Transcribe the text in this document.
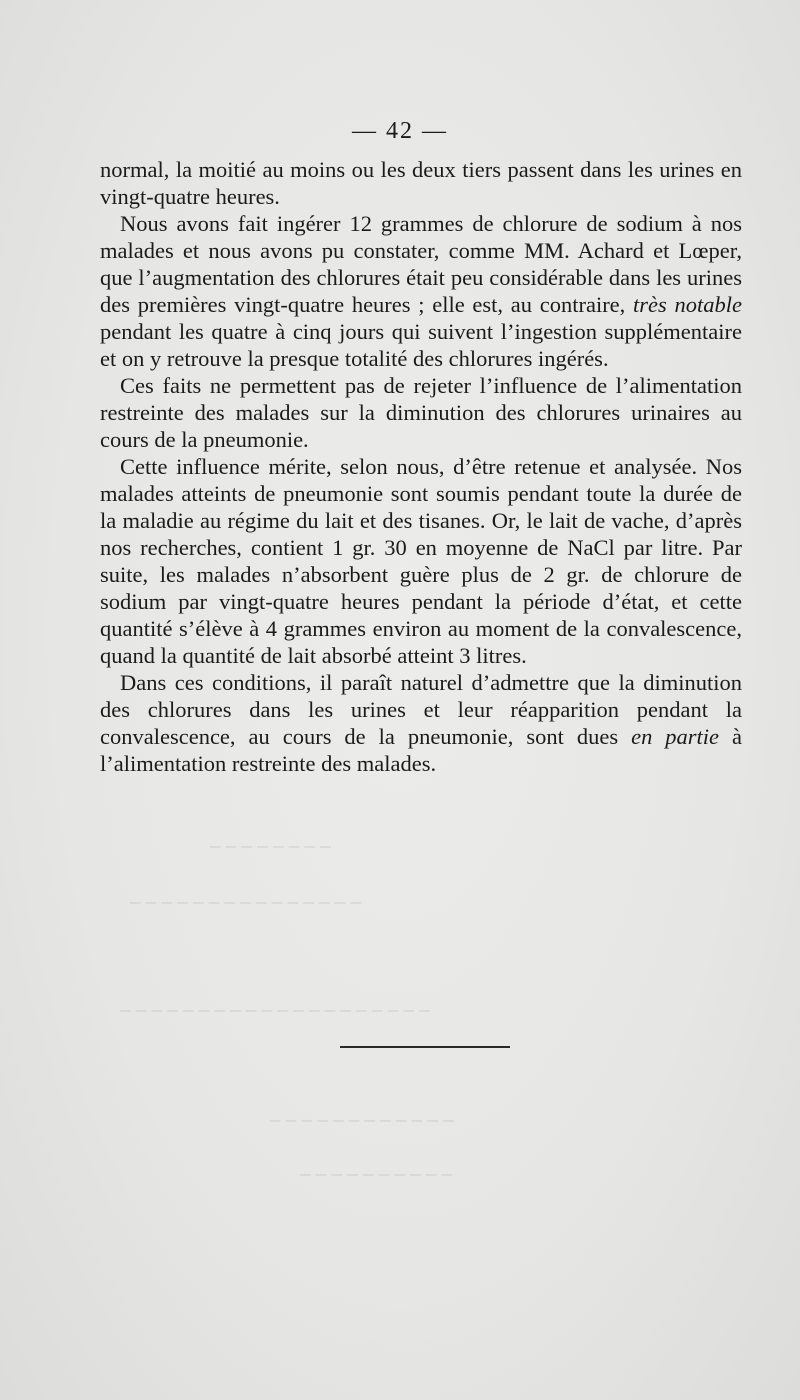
_ _ _ _ _ _ _ _
_ _ _ _ _ _ _ _ _ _ _ _ _ _ _
_ _ _ _ _ _ _ _ _ _ _ _ _ _ _ _ _ _ _ _
_ _ _ _ _ _ _ _ _ _ _ _
_ _ _ _ _ _ _ _ _ _
— 42 —

normal, la moitié au moins ou les deux tiers passent dans les urines en vingt-quatre heures.

Nous avons fait ingérer 12 grammes de chlorure de sodium à nos malades et nous avons pu constater, comme MM. Achard et Lœper, que l’augmentation des chlorures était peu considérable dans les urines des premières vingt-quatre heures ; elle est, au contraire, très notable pendant les quatre à cinq jours qui suivent l’ingestion supplémentaire et on y retrouve la presque totalité des chlorures ingérés.

Ces faits ne permettent pas de rejeter l’influence de l’alimentation restreinte des malades sur la diminution des chlorures urinaires au cours de la pneumonie.

Cette influence mérite, selon nous, d’être retenue et analysée. Nos malades atteints de pneumonie sont soumis pendant toute la durée de la maladie au régime du lait et des tisanes. Or, le lait de vache, d’après nos recherches, contient 1 gr. 30 en moyenne de NaCl par litre. Par suite, les malades n’absorbent guère plus de 2 gr. de chlorure de sodium par vingt-quatre heures pendant la période d’état, et cette quantité s’élève à 4 grammes environ au moment de la convalescence, quand la quantité de lait absorbé atteint 3 litres.

Dans ces conditions, il paraît naturel d’admettre que la diminution des chlorures dans les urines et leur réapparition pendant la convalescence, au cours de la pneumonie, sont dues en partie à l’alimentation restreinte des malades.
